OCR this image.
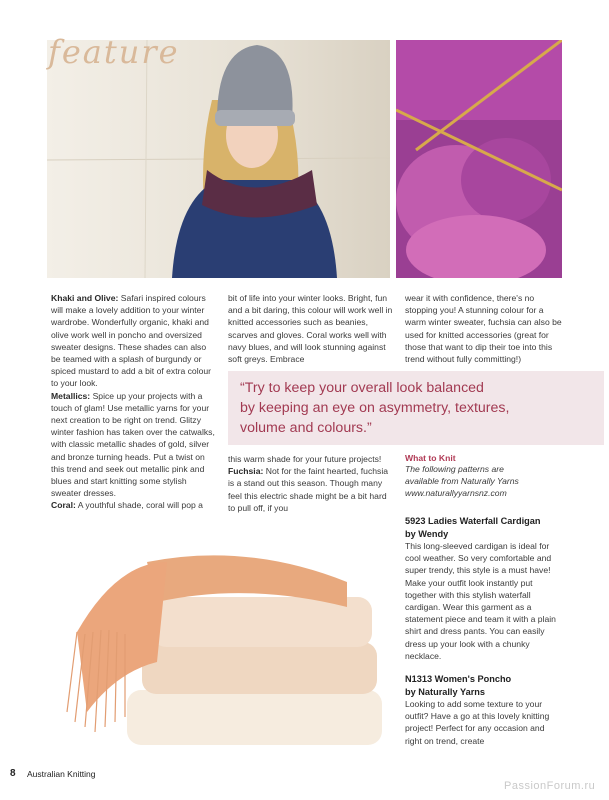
feature

Khaki and Olive: Safari inspired colours will make a lovely addition to your winter wardrobe. Wonderfully organic, khaki and olive work well in poncho and oversized sweater designs. These shades can also be teamed with a splash of burgundy or spiced mustard to add a bit of extra colour to your look.

Metallics: Spice up your projects with a touch of glam! Use metallic yarns for your next creation to be right on trend. Glitzy winter fashion has taken over the catwalks, with classic metallic shades of gold, silver and bronze turning heads. Put a twist on this trend and seek out metallic pink and blues and start knitting some stylish sweater dresses.

Coral: A youthful shade, coral will pop a

bit of life into your winter looks. Bright, fun and a bit daring, this colour will work well in knitted accessories such as beanies, scarves and gloves. Coral works well with navy blues, and will look stunning against soft greys. Embrace

wear it with confidence, there's no stopping you! A stunning colour for a warm winter sweater, fuchsia can also be used for knitted accessories (great for those that want to dip their toe into this trend without fully committing!)

“Try to keep your overall look balanced
by keeping an eye on asymmetry, textures,
volume and colours.”

this warm shade for your future projects!

Fuchsia: Not for the faint hearted, fuchsia is a stand out this season. Though many feel this electric shade might be a bit hard to pull off, if you

What to Knit
The following patterns are
available from Naturally Yarns
www.naturallyyarnsnz.com
5923 Ladies Waterfall Cardigan
by Wendy

This long-sleeved cardigan is ideal for cool weather. So very comfortable and super trendy, this style is a must have! Make your outfit look instantly put together with this stylish waterfall cardigan. Wear this garment as a statement piece and team it with a plain shirt and dress pants. You can easily dress up your look with a chunky necklace.

N1313 Women's Poncho
by Naturally Yarns

Looking to add some texture to your outfit? Have a go at this lovely knitting project! Perfect for any occasion and right on trend, create

8 Australian Knitting
PassionForum.ru
